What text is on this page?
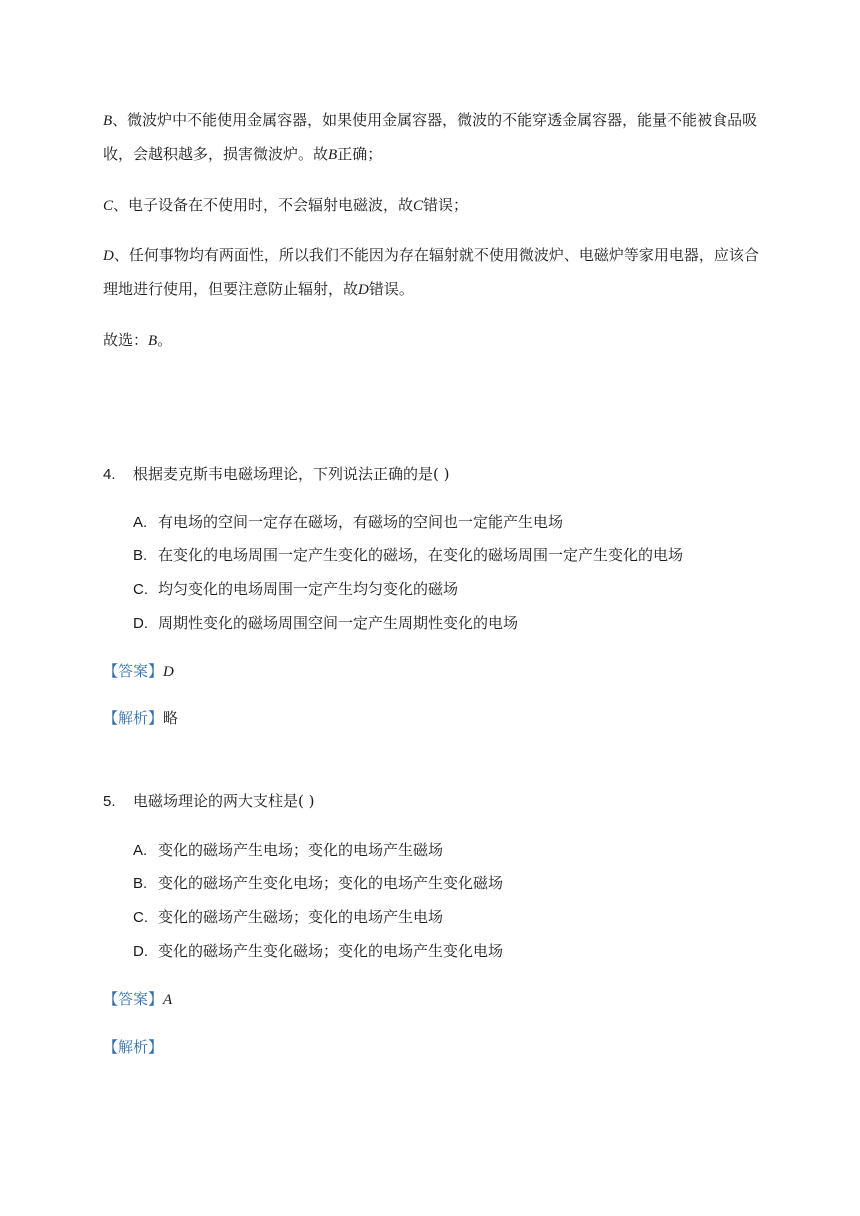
B、微波炉中不能使用金属容器，如果使用金属容器，微波的不能穿透金属容器，能量不能被食品吸收，会越积越多，损害微波炉。故B正确；

C、电子设备在不使用时，不会辐射电磁波，故C错误；

D、任何事物均有两面性，所以我们不能因为存在辐射就不使用微波炉、电磁炉等家用电器，应该合理地进行使用，但要注意防止辐射，故D错误。

故选：B。

4. 根据麦克斯韦电磁场理论，下列说法正确的是( )

A. 有电场的空间一定存在磁场，有磁场的空间也一定能产生电场

B. 在变化的电场周围一定产生变化的磁场，在变化的磁场周围一定产生变化的电场

C. 均匀变化的电场周围一定产生均匀变化的磁场

D. 周期性变化的磁场周围空间一定产生周期性变化的电场

【答案】D

【解析】略

5. 电磁场理论的两大支柱是( )

A. 变化的磁场产生电场；变化的电场产生磁场

B. 变化的磁场产生变化电场；变化的电场产生变化磁场

C. 变化的磁场产生磁场；变化的电场产生电场

D. 变化的磁场产生变化磁场；变化的电场产生变化电场

【答案】A

【解析】
